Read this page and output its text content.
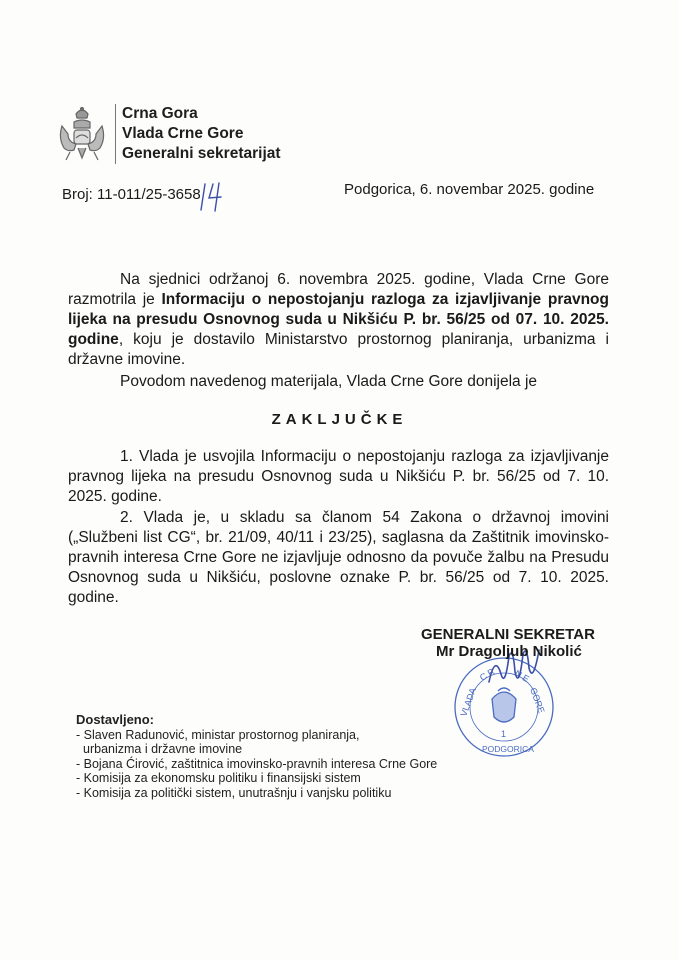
Crna Gora
Vlada Crne Gore
Generalni sekretarijat
Broj: 11-011/25-3658	Podgorica, 6. novembar 2025. godine
Na sjednici održanoj 6. novembra 2025. godine, Vlada Crne Gore razmotrila je Informaciju o nepostojanju razloga za izjavljivanje pravnog lijeka na presudu Osnovnog suda u Nikšiću P. br. 56/25 od 07. 10. 2025. godine, koju je dostavilo Ministarstvo prostornog planiranja, urbanizma i državne imovine.
Povodom navedenog materijala, Vlada Crne Gore donijela je
ZAKLJUČKE
1. Vlada je usvojila Informaciju o nepostojanju razloga za izjavljivanje pravnog lijeka na presudu Osnovnog suda u Nikšiću P. br. 56/25 od 7. 10. 2025. godine.
2. Vlada je, u skladu sa članom 54 Zakona o državnoj imovini („Službeni list CG“, br. 21/09, 40/11 i 23/25), saglasna da Zaštitnik imovinsko-pravnih interesa Crne Gore ne izjavljuje odnosno da povuče žalbu na Presudu Osnovnog suda u Nikšiću, poslovne oznake P. br. 56/25 od 7. 10. 2025. godine.
VLADA	GORE
C R N E
1
PODGORICA
GENERALNI SEKRETAR
Mr Dragoljub Nikolić
Dostavljeno:
- Slaven Radunović, ministar prostornog planiranja,
urbanizma i državne imovine
- Bojana Ćirović, zaštitnica imovinsko-pravnih interesa Crne Gore
- Komisija za ekonomsku politiku i finansijski sistem
- Komisija za politički sistem, unutrašnju i vanjsku politiku
